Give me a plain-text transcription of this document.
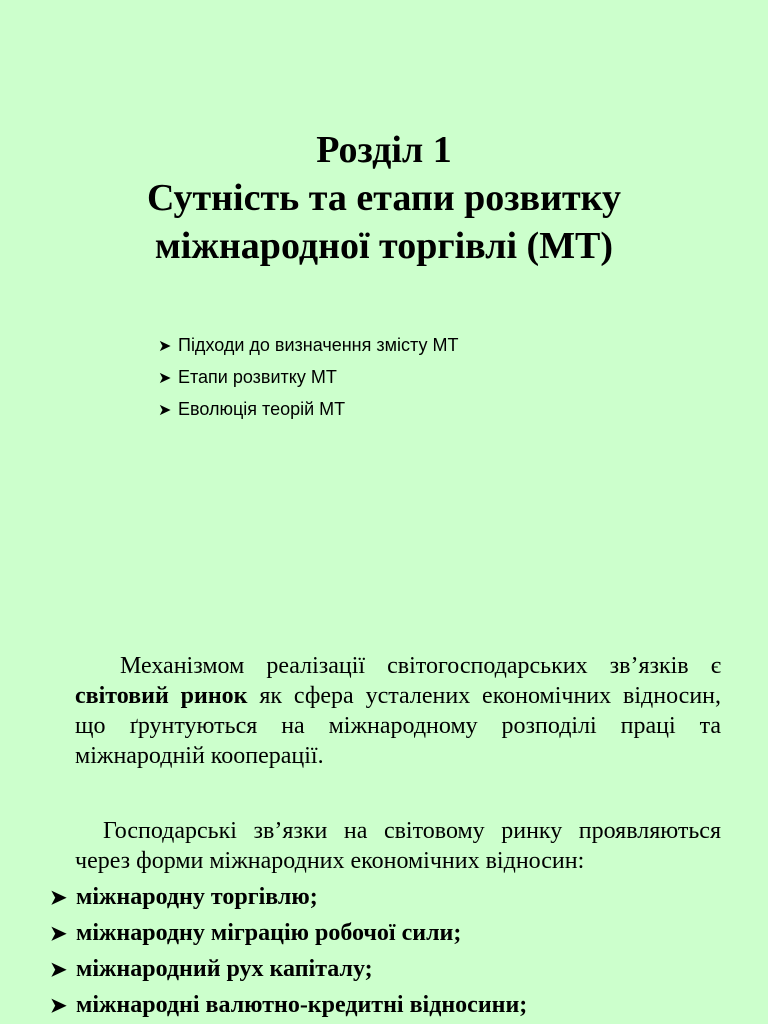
Розділ 1
Сутність та етапи розвитку
міжнародної торгівлі (МТ)
➤ Підходи до визначення змісту МТ
➤ Етапи розвитку МТ
➤ Еволюція теорій МТ
Механізмом реалізації світогосподарських зв’язків є світовий ринок як сфера усталених економічних відносин, що ґрунтуються на міжнародному розподілі праці та міжнародній кооперації.
Господарські зв’язки на світовому ринку проявляються через форми міжнародних економічних відносин:
➤ міжнародну торгівлю;
➤ міжнародну міграцію робочої сили;
➤ міжнародний рух капіталу;
➤ міжнародні валютно-кредитні відносини;
